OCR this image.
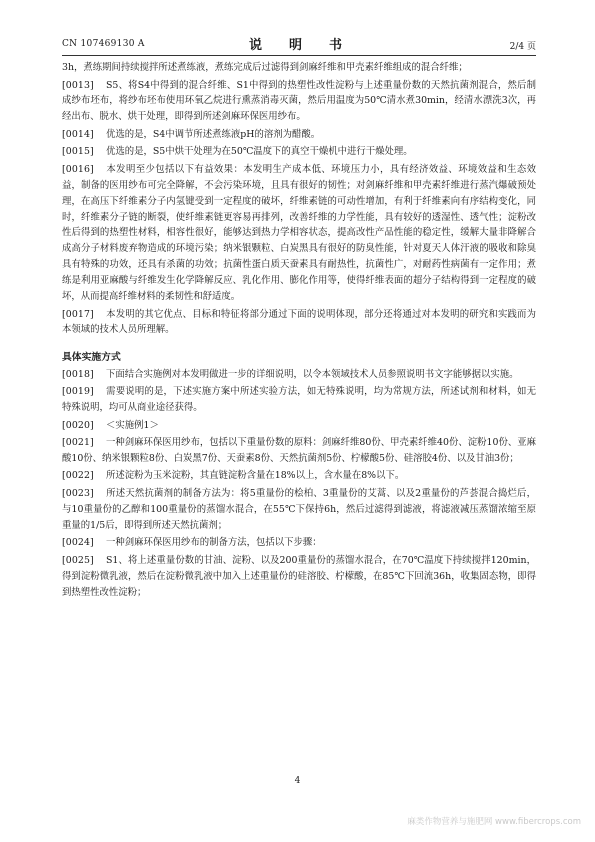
CN 107469130 A	说　明　书	2/4 页

3h，煮练期间持续搅拌所述煮练液，煮练完成后过滤得到剑麻纤维和甲壳素纤维组成的混合纤维；

[0013] S5、将S4中得到的混合纤维、S1中得到的热塑性改性淀粉与上述重量份数的天然抗菌剂混合，然后制成纱布坯布，将纱布坯布使用环氧乙烷进行熏蒸消毒灭菌，然后用温度为50℃清水煮30min，经清水漂洗3次，再经出布、脱水、烘干处理，即得到所述剑麻环保医用纱布。

[0014] 优选的是，S4中调节所述煮练液pH的溶剂为醋酸。

[0015] 优选的是，S5中烘干处理为在50℃温度下的真空干燥机中进行干燥处理。

[0016] 本发明至少包括以下有益效果：本发明生产成本低、环境压力小，具有经济效益、环境效益和生态效益，制备的医用纱布可完全降解，不会污染环境，且具有很好的韧性；对剑麻纤维和甲壳素纤维进行蒸汽爆破预处理，在高压下纤维素分子内氢键受到一定程度的破坏，纤维素链的可动性增加，有利于纤维素向有序结构变化，同时，纤维素分子链的断裂，使纤维素链更容易再排列，改善纤维的力学性能，具有较好的透湿性、透气性；淀粉改性后得到的热塑性材料，相容性很好，能够达到热力学相容状态，提高改性产品性能的稳定性，缓解大量非降解合成高分子材料废弃物造成的环境污染；纳米银颗粒、白炭黑具有很好的防臭性能，针对夏天人体汗液的吸收和除臭具有特殊的功效，还具有杀菌的功效；抗菌性蛋白质天蚕素具有耐热性，抗菌性广，对耐药性病菌有一定作用；煮练是利用亚麻酸与纤维发生化学降解反应、乳化作用、膨化作用等，使得纤维表面的超分子结构得到一定程度的破坏，从而提高纤维材料的柔韧性和舒适度。

[0017] 本发明的其它优点、目标和特征将部分通过下面的说明体现，部分还将通过对本发明的研究和实践而为本领域的技术人员所理解。

具体实施方式

[0018] 下面结合实施例对本发明做进一步的详细说明，以令本领域技术人员参照说明书文字能够据以实施。

[0019] 需要说明的是，下述实施方案中所述实验方法，如无特殊说明，均为常规方法，所述试剂和材料，如无特殊说明，均可从商业途径获得。

[0020] ＜实施例1＞

[0021] 一种剑麻环保医用纱布，包括以下重量份数的原料：剑麻纤维80份、甲壳素纤维40份、淀粉10份、亚麻酸10份、纳米银颗粒8份、白炭黑7份、天蚕素8份、天然抗菌剂5份、柠檬酸5份、硅溶胶4份、以及甘油3份；

[0022] 所述淀粉为玉米淀粉，其直链淀粉含量在18%以上，含水量在8%以下。

[0023] 所述天然抗菌剂的制备方法为：将5重量份的桧柏、3重量份的艾蒿、以及2重量份的芦荟混合捣烂后，与10重量份的乙醇和100重量份的蒸馏水混合，在55℃下保持6h，然后过滤得到滤液，将滤液减压蒸馏浓缩至原重量的1/5后，即得到所述天然抗菌剂；

[0024] 一种剑麻环保医用纱布的制备方法，包括以下步骤：

[0025] S1、将上述重量份数的甘油、淀粉、以及200重量份的蒸馏水混合，在70℃温度下持续搅拌120min，得到淀粉微乳液，然后在淀粉微乳液中加入上述重量份的硅溶胶、柠檬酸，在85℃下回流36h，收集固态物，即得到热塑性改性淀粉；

4
麻类作物营养与施肥网 www.fibercrops.com
